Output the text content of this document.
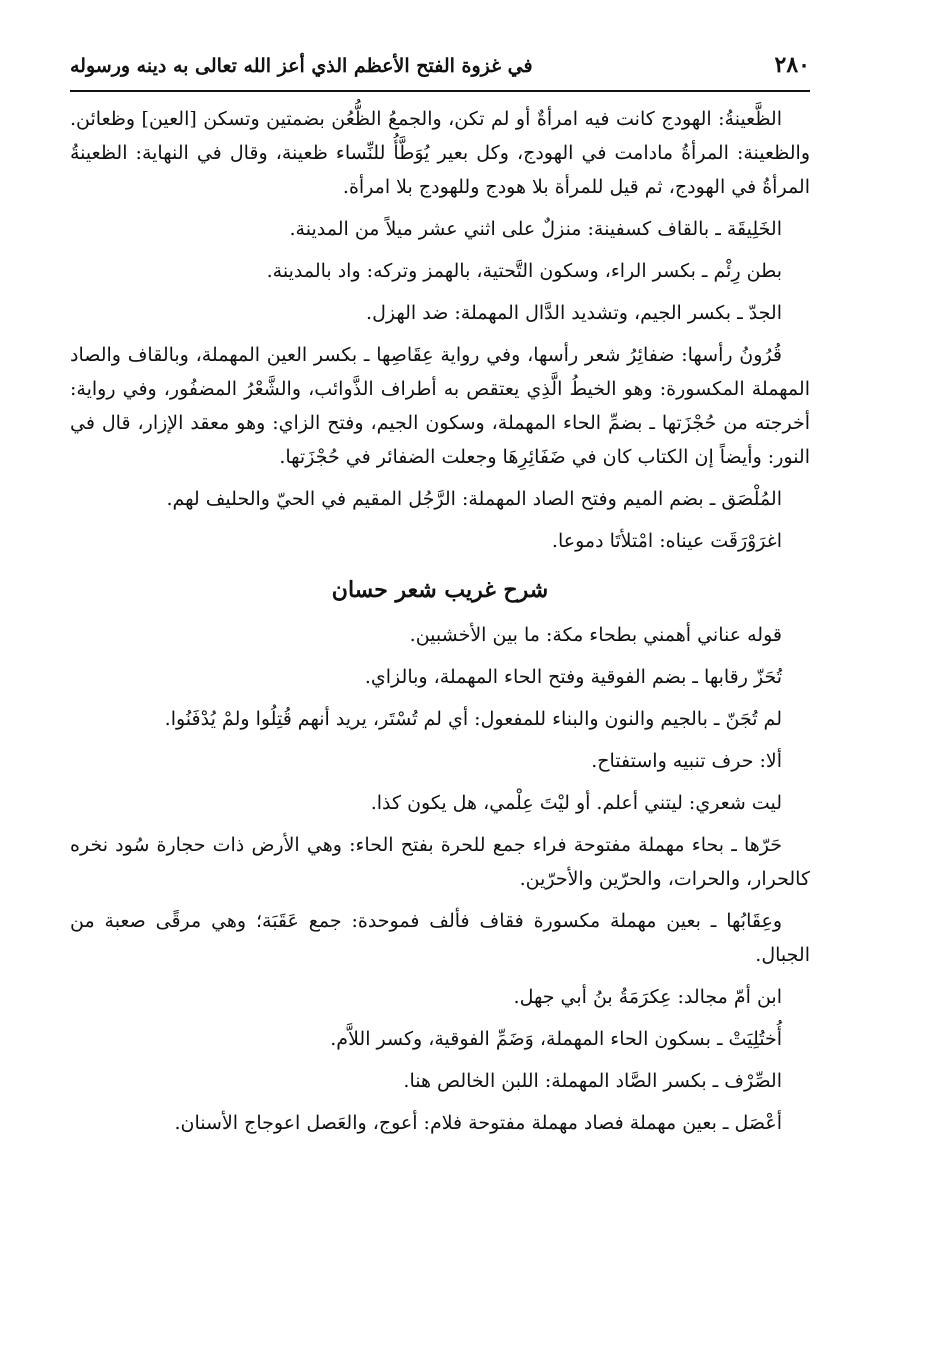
٢٨٠
في غزوة الفتح الأعظم الذي أعز الله تعالى به دينه ورسوله

الظَّعينةُ: الهودج كانت فيه امرأةٌ أو لم تكن، والجمعُ الظُّعُن بضمتين وتسكن [العين] وظعائن. والظعينة: المرأةُ مادامت في الهودج، وكل بعير يُوَطَّأُ للنِّساء ظعينة، وقال في النهاية: الظعينةُ المرأةُ في الهودج، ثم قيل للمرأة بلا هودج وللهودج بلا امرأة.

الخَلِيقَة ـ بالقاف كسفينة: منزلٌ على اثني عشر ميلاً من المدينة.

بطن رِئْم ـ بكسر الراء، وسكون التَّحتية، بالهمز وتركه: واد بالمدينة.

الجدّ ـ بكسر الجيم، وتشديد الدَّال المهملة: ضد الهزل.

قُرُونُ رأسها: ضفائِرُ شعر رأسها، وفي رواية عِقَاصِها ـ بكسر العين المهملة، وبالقاف والصاد المهملة المكسورة: وهو الخيطُ الَّذِي يعتقص به أطراف الذَّوائب، والشَّعْرُ المضفُور، وفي رواية: أخرجته من حُجْزَتها ـ بضمِّ الحاء المهملة، وسكون الجيم، وفتح الزاي: وهو معقد الإزار، قال في النور: وأيضاً إن الكتاب كان في ضَفَائِرِهَا وجعلت الضفائر في حُجْزَتها.

المُلْصَق ـ بضم الميم وفتح الصاد المهملة: الرَّجُل المقيم في الحيّ والحليف لهم.

اغرَوْرَقَت عيناه: امْتلأتَا دموعا.

شرح غريب شعر حسان

قوله عناني أهمني بطحاء مكة: ما بين الأخشبين.

تُحَزّ رقابها ـ بضم الفوقية وفتح الحاء المهملة، وبالزاي.

لم تُجَنّ ـ بالجيم والنون والبناء للمفعول: أي لم تُسْتَر، يريد أنهم قُتِلُوا ولمْ يُدْفَنُوا.

ألا: حرف تنبيه واستفتاح.

ليت شعري: ليتني أعلم. أو ليْتَ عِلْمي، هل يكون كذا.

حَرّها ـ بحاء مهملة مفتوحة فراء جمع للحرة بفتح الحاء: وهي الأرض ذات حجارة سُود نخره كالحرار، والحرات، والحرّين والأحرّين.

وعِقَابُها ـ بعين مهملة مكسورة فقاف فألف فموحدة: جمع عَقَبَة؛ وهي مرقًى صعبة من الجبال.

ابن أمّ مجالد: عِكرَمَةُ بنُ أبي جهل.

أُختُلِيَتْ ـ بسكون الحاء المهملة، وَضَمِّ الفوقية، وكسر اللاَّم.

الصِّرْف ـ بكسر الصَّاد المهملة: اللبن الخالص هنا.

أعْصَل ـ بعين مهملة فصاد مهملة مفتوحة فلام: أعوج، والعَصل اعوجاج الأسنان.
